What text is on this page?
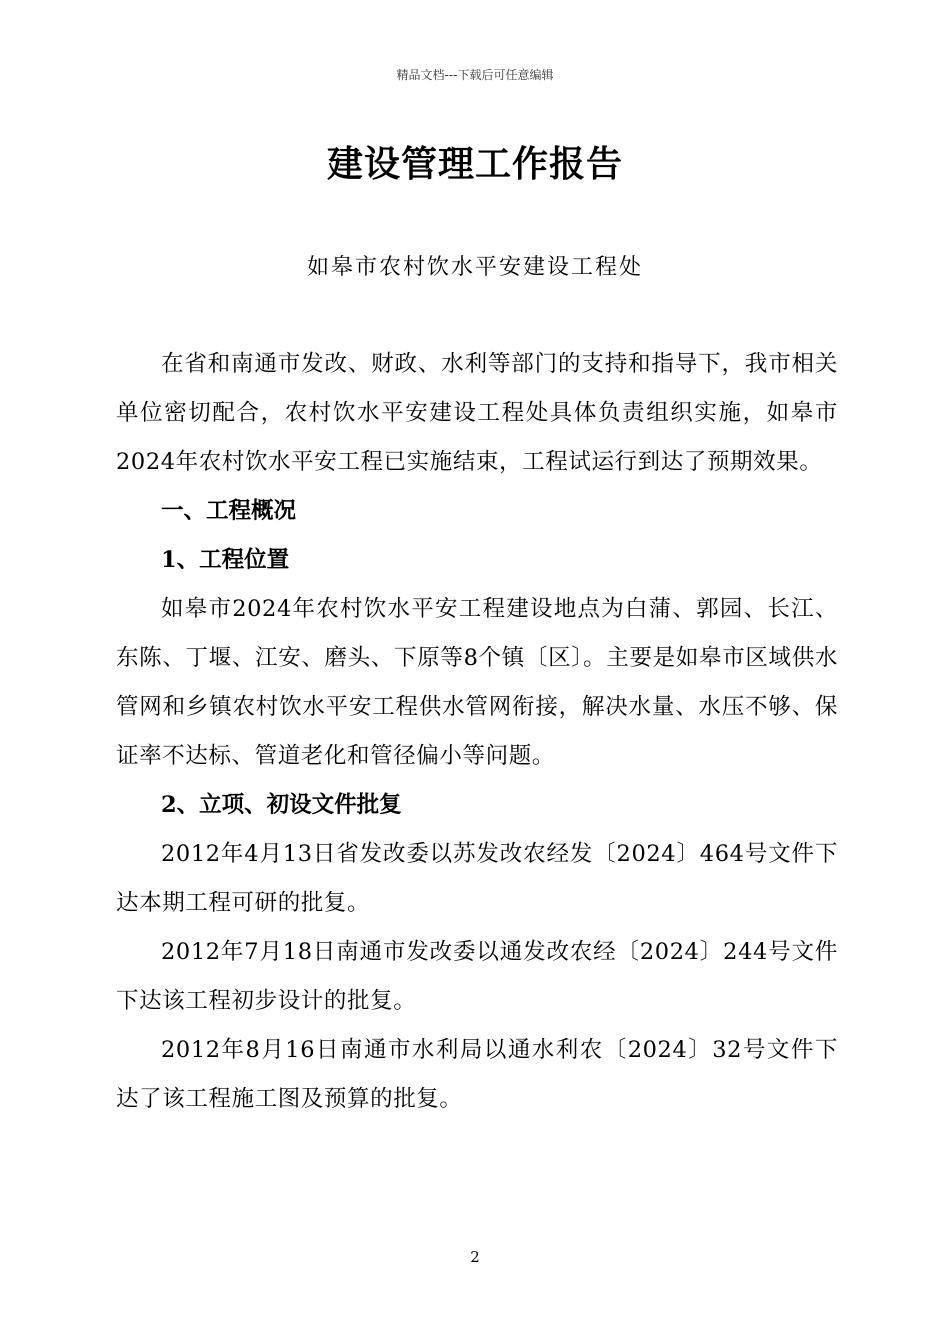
精品文档---下载后可任意编辑
建设管理工作报告
如皋市农村饮水平安建设工程处

在省和南通市发改、财政、水利等部门的支持和指导下，我市相关单位密切配合，农村饮水平安建设工程处具体负责组织实施，如皋市2024年农村饮水平安工程已实施结束，工程试运行到达了预期效果。

一、工程概况
1、工程位置

如皋市2024年农村饮水平安工程建设地点为白蒲、郭园、长江、东陈、丁堰、江安、磨头、下原等8个镇〔区〕。主要是如皋市区域供水管网和乡镇农村饮水平安工程供水管网衔接，解决水量、水压不够、保证率不达标、管道老化和管径偏小等问题。

2、立项、初设文件批复

2012年4月13日省发改委以苏发改农经发〔2024〕464号文件下达本期工程可研的批复。

2012年7月18日南通市发改委以通发改农经〔2024〕244号文件下达该工程初步设计的批复。

2012年8月16日南通市水利局以通水利农〔2024〕32号文件下达了该工程施工图及预算的批复。

2
